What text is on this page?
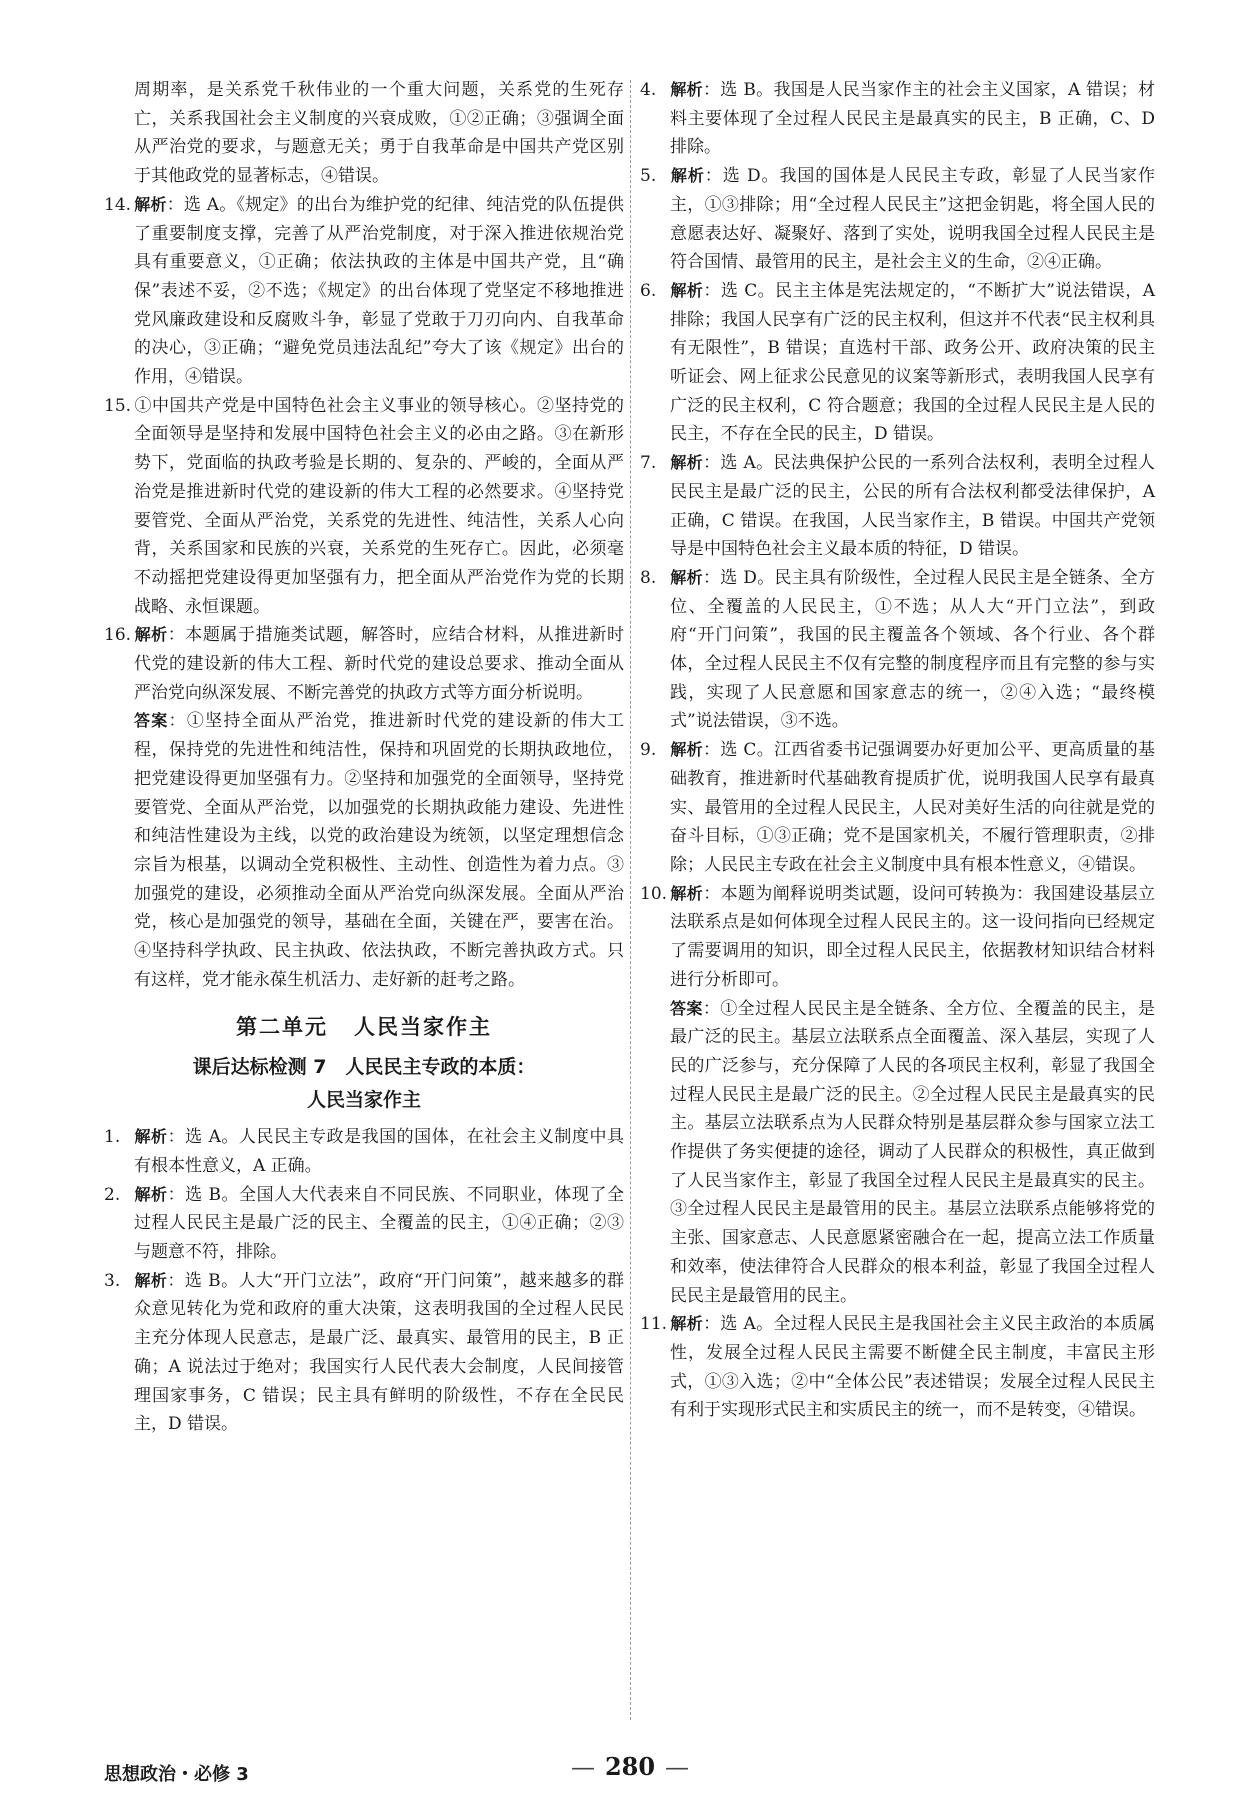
周期率，是关系党千秋伟业的一个重大问题，关系党的生死存亡，关系我国社会主义制度的兴衰成败，①②正确；③强调全面从严治党的要求，与题意无关；勇于自我革命是中国共产党区别于其他政党的显著标志，④错误。

14. 解析：选 A。《规定》的出台为维护党的纪律、纯洁党的队伍提供了重要制度支撑，完善了从严治党制度，对于深入推进依规治党具有重要意义，①正确；依法执政的主体是中国共产党，且“确保”表述不妥，②不选；《规定》的出台体现了党坚定不移地推进党风廉政建设和反腐败斗争，彰显了党敢于刀刃向内、自我革命的决心，③正确；“避免党员违法乱纪”夸大了该《规定》出台的作用，④错误。

15. ①中国共产党是中国特色社会主义事业的领导核心。②坚持党的全面领导是坚持和发展中国特色社会主义的必由之路。③在新形势下，党面临的执政考验是长期的、复杂的、严峻的，全面从严治党是推进新时代党的建设新的伟大工程的必然要求。④坚持党要管党、全面从严治党，关系党的先进性、纯洁性，关系人心向背，关系国家和民族的兴衰，关系党的生死存亡。因此，必须毫不动摇把党建设得更加坚强有力，把全面从严治党作为党的长期战略、永恒课题。

16. 解析：本题属于措施类试题，解答时，应结合材料，从推进新时代党的建设新的伟大工程、新时代党的建设总要求、推动全面从严治党向纵深发展、不断完善党的执政方式等方面分析说明。

答案：①坚持全面从严治党，推进新时代党的建设新的伟大工程，保持党的先进性和纯洁性，保持和巩固党的长期执政地位，把党建设得更加坚强有力。②坚持和加强党的全面领导，坚持党要管党、全面从严治党，以加强党的长期执政能力建设、先进性和纯洁性建设为主线，以党的政治建设为统领，以坚定理想信念宗旨为根基，以调动全党积极性、主动性、创造性为着力点。③加强党的建设，必须推动全面从严治党向纵深发展。全面从严治党，核心是加强党的领导，基础在全面，关键在严，要害在治。④坚持科学执政、民主执政、依法执政，不断完善执政方式。只有这样，党才能永葆生机活力、走好新的赶考之路。

第二单元 人民当家作主
课后达标检测 7　人民民主专政的本质：
人民当家作主

1. 解析：选 A。人民民主专政是我国的国体，在社会主义制度中具有根本性意义，A 正确。

2. 解析：选 B。全国人大代表来自不同民族、不同职业，体现了全过程人民民主是最广泛的民主、全覆盖的民主，①④正确；②③与题意不符，排除。

3. 解析：选 B。人大“开门立法”，政府“开门问策”，越来越多的群众意见转化为党和政府的重大决策，这表明我国的全过程人民民主充分体现人民意志，是最广泛、最真实、最管用的民主，B 正确；A 说法过于绝对；我国实行人民代表大会制度，人民间接管理国家事务，C 错误；民主具有鲜明的阶级性，不存在全民民主，D 错误。

4. 解析：选 B。我国是人民当家作主的社会主义国家，A 错误；材料主要体现了全过程人民民主是最真实的民主，B 正确，C、D 排除。

5. 解析：选 D。我国的国体是人民民主专政，彰显了人民当家作主，①③排除；用“全过程人民民主”这把金钥匙，将全国人民的意愿表达好、凝聚好、落到了实处，说明我国全过程人民民主是符合国情、最管用的民主，是社会主义的生命，②④正确。

6. 解析：选 C。民主主体是宪法规定的，“不断扩大”说法错误，A 排除；我国人民享有广泛的民主权利，但这并不代表“民主权利具有无限性”，B 错误；直选村干部、政务公开、政府决策的民主听证会、网上征求公民意见的议案等新形式，表明我国人民享有广泛的民主权利，C 符合题意；我国的全过程人民民主是人民的民主，不存在全民的民主，D 错误。

7. 解析：选 A。民法典保护公民的一系列合法权利，表明全过程人民民主是最广泛的民主，公民的所有合法权利都受法律保护，A 正确，C 错误。在我国，人民当家作主，B 错误。中国共产党领导是中国特色社会主义最本质的特征，D 错误。

8. 解析：选 D。民主具有阶级性，全过程人民民主是全链条、全方位、全覆盖的人民民主，①不选；从人大“开门立法”，到政府“开门问策”，我国的民主覆盖各个领域、各个行业、各个群体，全过程人民民主不仅有完整的制度程序而且有完整的参与实践，实现了人民意愿和国家意志的统一，②④入选；“最终模式”说法错误，③不选。

9. 解析：选 C。江西省委书记强调要办好更加公平、更高质量的基础教育，推进新时代基础教育提质扩优，说明我国人民享有最真实、最管用的全过程人民民主，人民对美好生活的向往就是党的奋斗目标，①③正确；党不是国家机关，不履行管理职责，②排除；人民民主专政在社会主义制度中具有根本性意义，④错误。

10. 解析：本题为阐释说明类试题，设问可转换为：我国建设基层立法联系点是如何体现全过程人民民主的。这一设问指向已经规定了需要调用的知识，即全过程人民民主，依据教材知识结合材料进行分析即可。

答案：①全过程人民民主是全链条、全方位、全覆盖的民主，是最广泛的民主。基层立法联系点全面覆盖、深入基层，实现了人民的广泛参与，充分保障了人民的各项民主权利，彰显了我国全过程人民民主是最广泛的民主。②全过程人民民主是最真实的民主。基层立法联系点为人民群众特别是基层群众参与国家立法工作提供了务实便捷的途径，调动了人民群众的积极性，真正做到了人民当家作主，彰显了我国全过程人民民主是最真实的民主。③全过程人民民主是最管用的民主。基层立法联系点能够将党的主张、国家意志、人民意愿紧密融合在一起，提高立法工作质量和效率，使法律符合人民群众的根本利益，彰显了我国全过程人民民主是最管用的民主。

11. 解析：选 A。全过程人民民主是我国社会主义民主政治的本质属性，发展全过程人民民主需要不断健全民主制度，丰富民主形式，①③入选；②中“全体公民”表述错误；发展全过程人民民主有利于实现形式民主和实质民主的统一，而不是转变，④错误。

思想政治・必修 3	— 280 —
